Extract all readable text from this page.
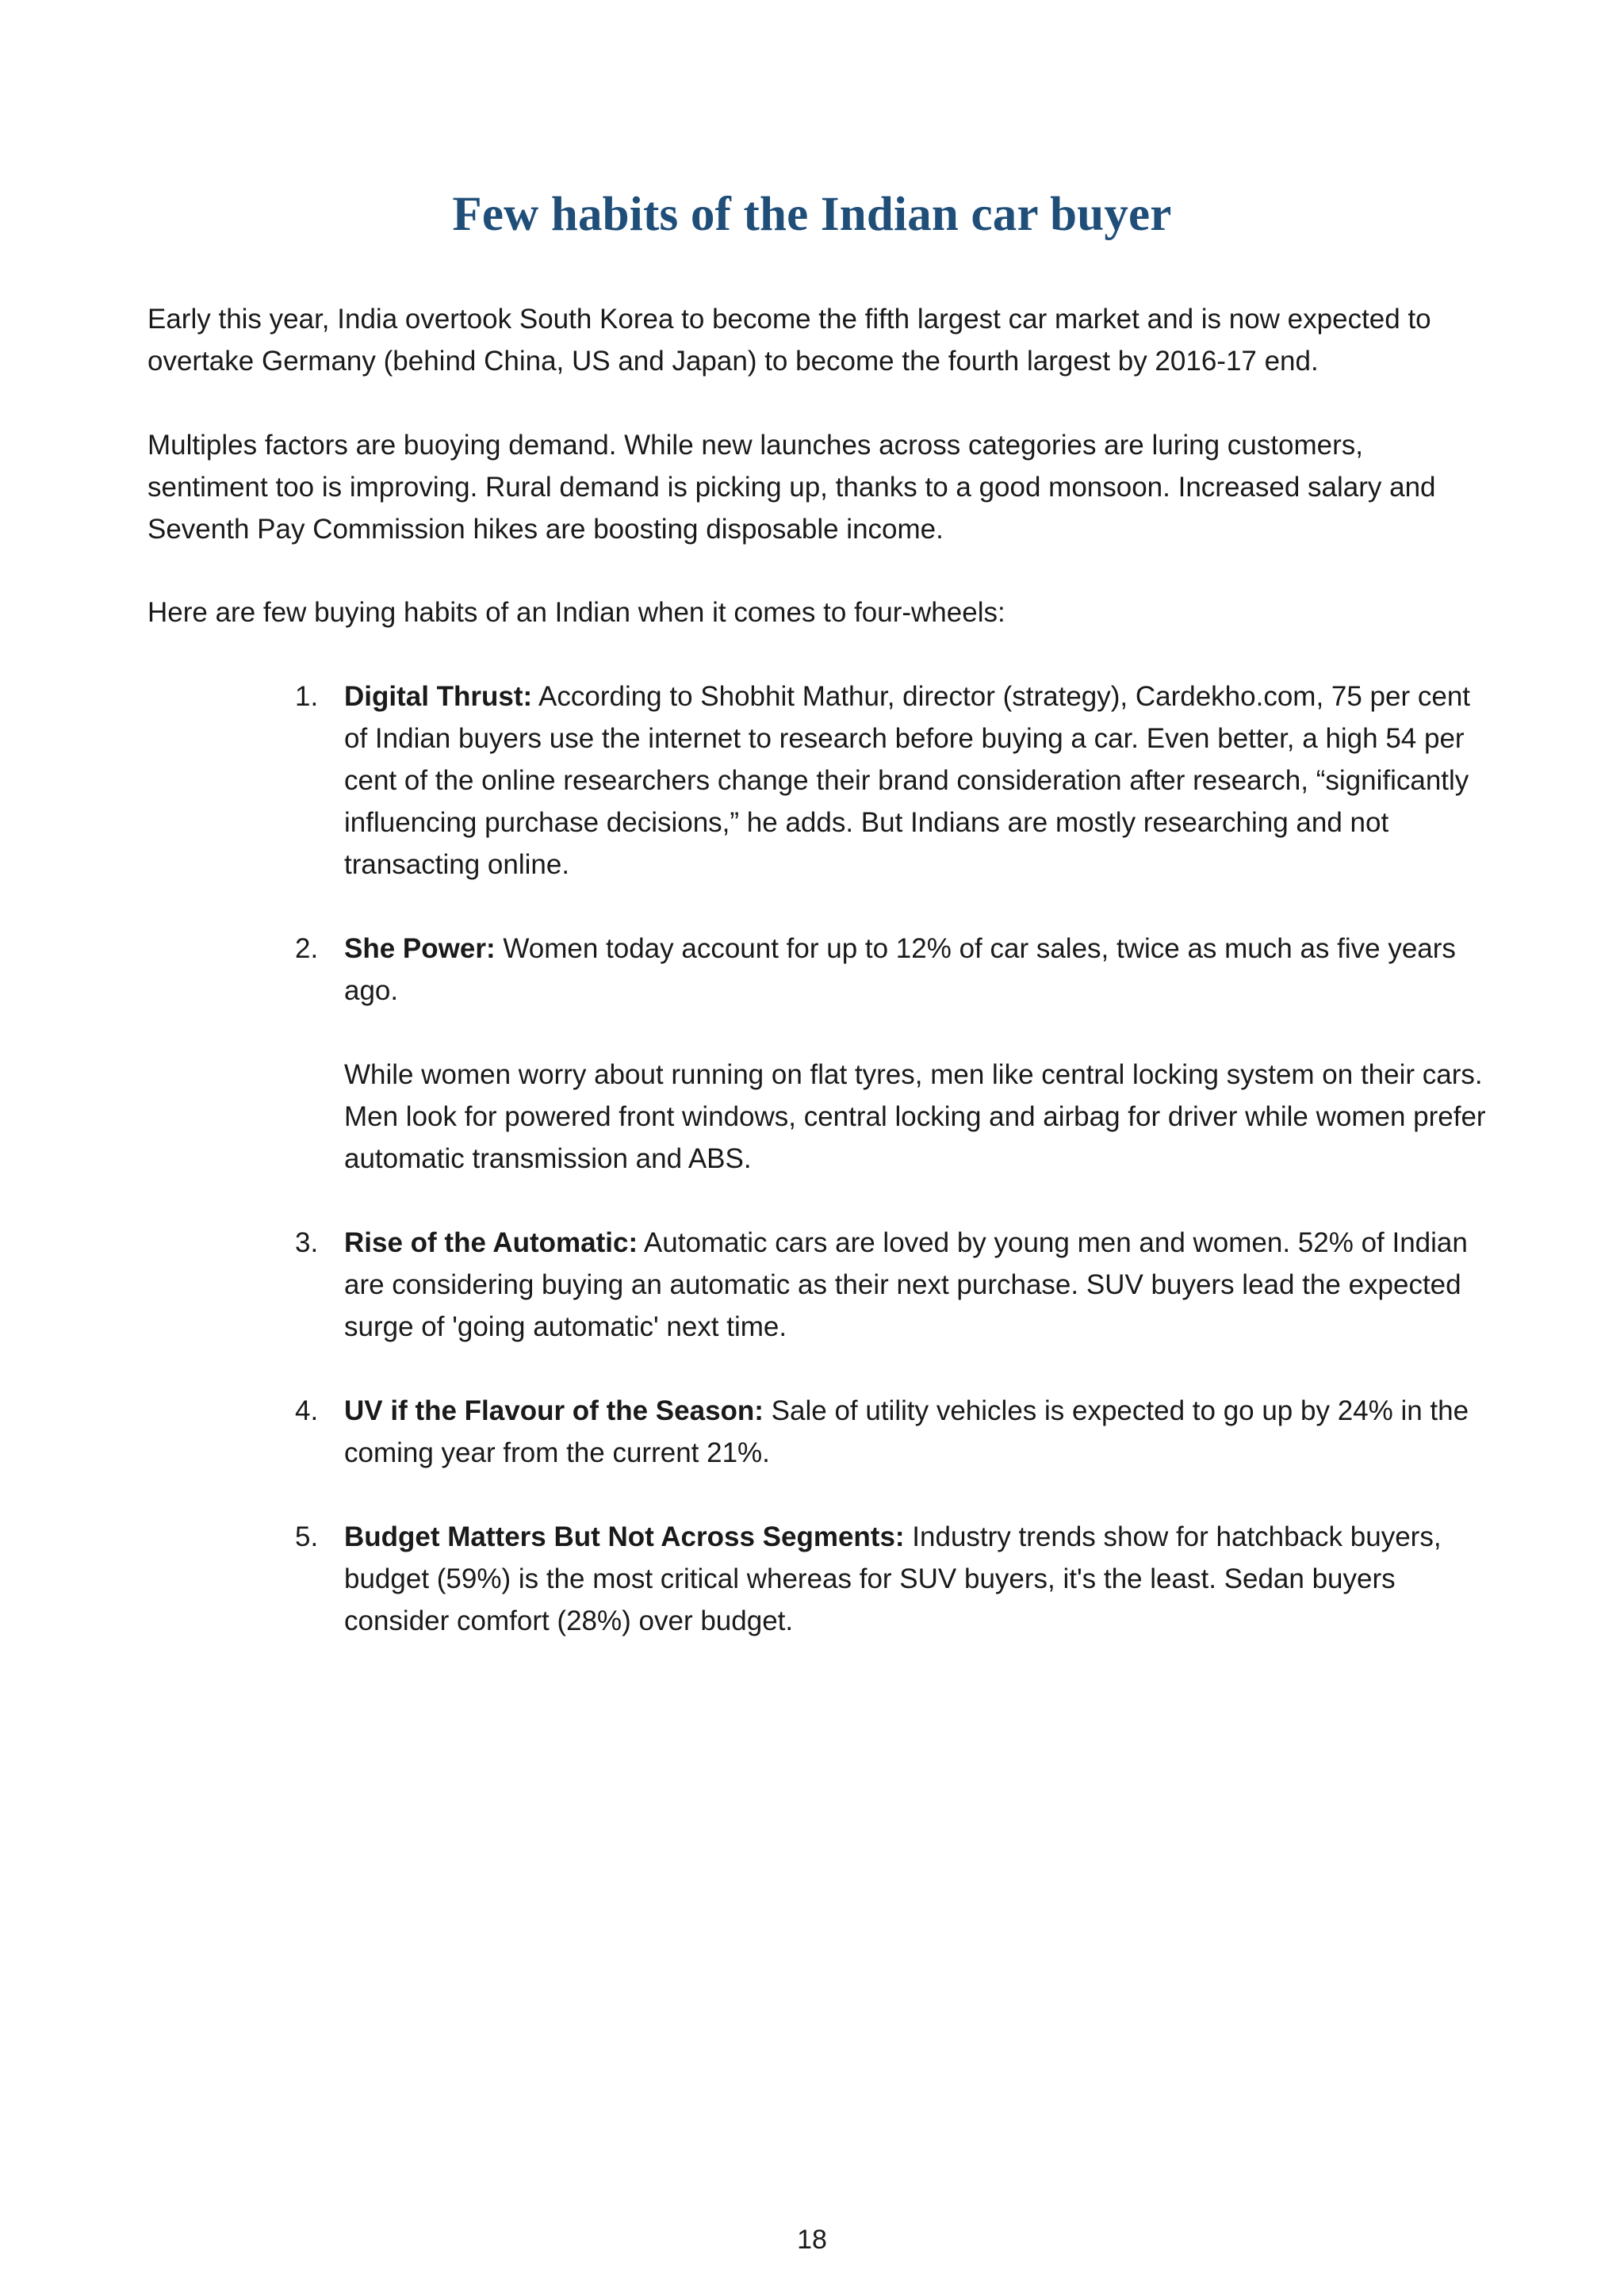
Few habits of the Indian car buyer

Early this year, India overtook South Korea to become the fifth largest car market and is now expected to overtake Germany (behind China, US and Japan) to become the fourth largest by 2016-17 end.

Multiples factors are buoying demand. While new launches across categories are luring customers, sentiment too is improving. Rural demand is picking up, thanks to a good monsoon. Increased salary and Seventh Pay Commission hikes are boosting disposable income.

Here are few buying habits of an Indian when it comes to four-wheels:

1. Digital Thrust: According to Shobhit Mathur, director (strategy), Cardekho.com, 75 per cent of Indian buyers use the internet to research before buying a car. Even better, a high 54 per cent of the online researchers change their brand consideration after research, “significantly influencing purchase decisions,” he adds. But Indians are mostly researching and not transacting online.

2. She Power: Women today account for up to 12% of car sales, twice as much as five years ago.

While women worry about running on flat tyres, men like central locking system on their cars. Men look for powered front windows, central locking and airbag for driver while women prefer automatic transmission and ABS.

3. Rise of the Automatic: Automatic cars are loved by young men and women. 52% of Indian are considering buying an automatic as their next purchase. SUV buyers lead the expected surge of 'going automatic' next time.

4. UV if the Flavour of the Season: Sale of utility vehicles is expected to go up by 24% in the coming year from the current 21%.

5. Budget Matters But Not Across Segments: Industry trends show for hatchback buyers, budget (59%) is the most critical whereas for SUV buyers, it's the least. Sedan buyers consider comfort (28%) over budget.

18
